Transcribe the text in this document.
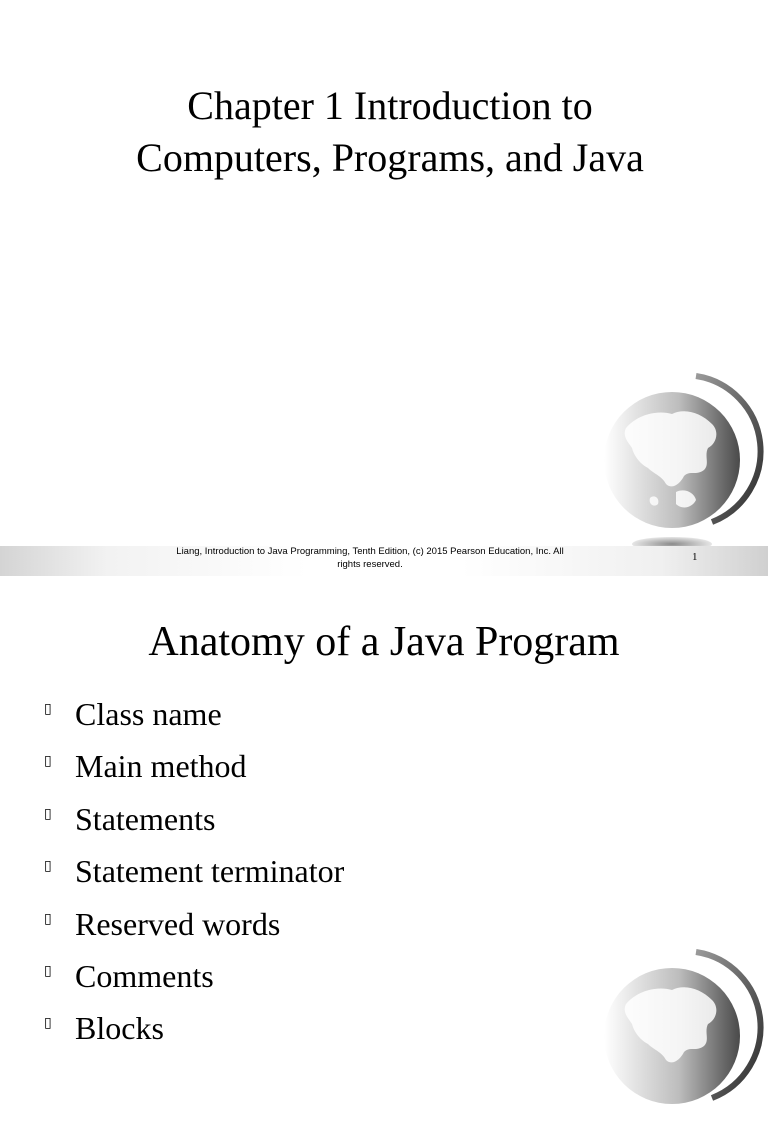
Chapter 1 Introduction to
Computers, Programs, and Java
Liang, Introduction to Java Programming, Tenth Edition, (c) 2015 Pearson Education, Inc. All
rights reserved.
1
Anatomy of a Java Program
▯ Class name
▯ Main method
▯ Statements
▯ Statement terminator
▯ Reserved words
▯ Comments
▯ Blocks
